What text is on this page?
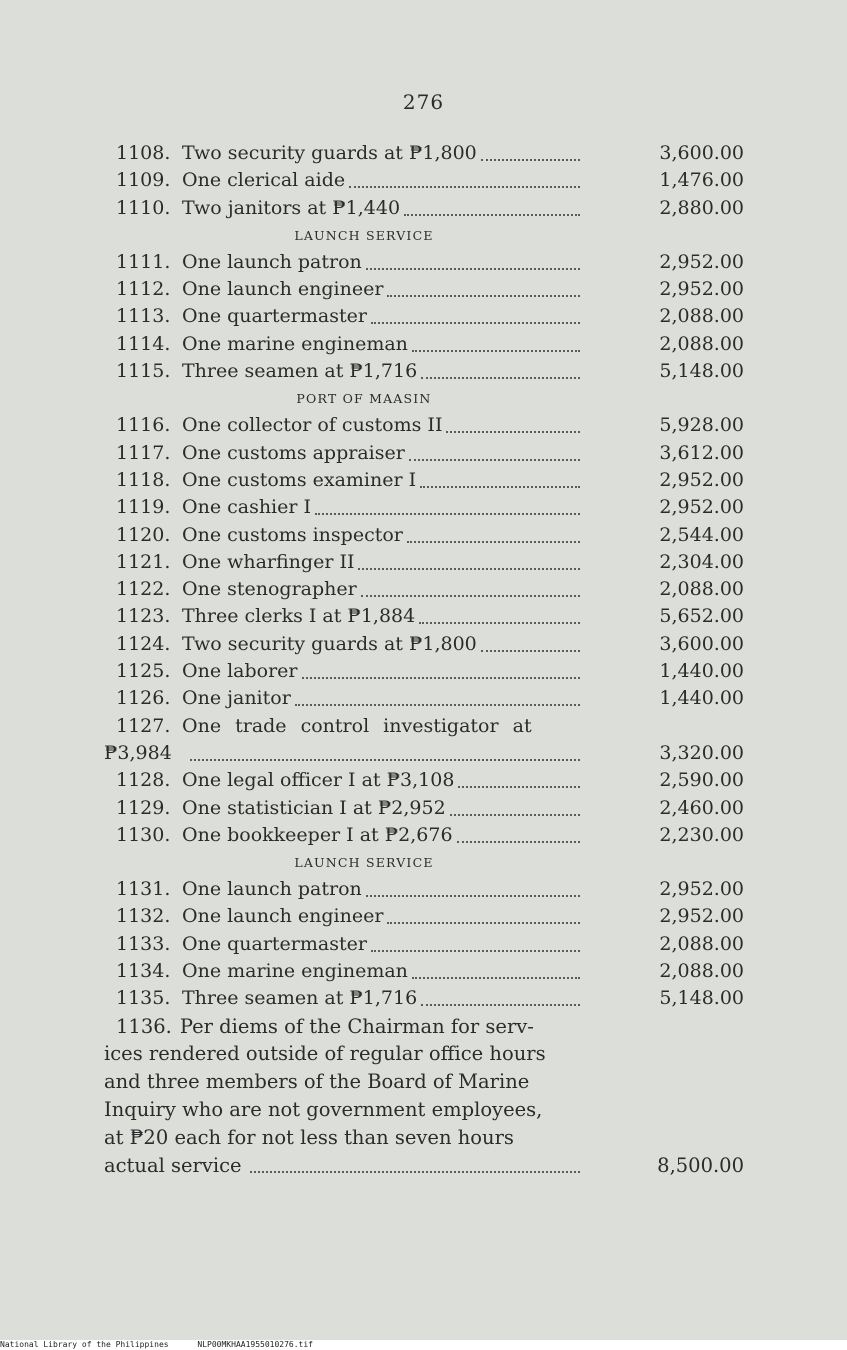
276
1108. Two security guards at ₱1,800	3,600.00
1109. One clerical aide	1,476.00
1110. Two janitors at ₱1,440	2,880.00
LAUNCH SERVICE
1111. One launch patron	2,952.00
1112. One launch engineer	2,952.00
1113. One quartermaster	2,088.00
1114. One marine engineman	2,088.00
1115. Three seamen at ₱1,716	5,148.00
PORT OF MAASIN
1116. One collector of customs II	5,928.00
1117. One customs appraiser	3,612.00
1118. One customs examiner I	2,952.00
1119. One cashier I	2,952.00
1120. One customs inspector	2,544.00
1121. One wharfinger II	2,304.00
1122. One stenographer	2,088.00
1123. Three clerks I at ₱1,884	5,652.00
1124. Two security guards at ₱1,800	3,600.00
1125. One laborer	1,440.00
1126. One janitor	1,440.00
1127. One trade control investigator at
₱3,984	3,320.00
1128. One legal officer I at ₱3,108	2,590.00
1129. One statistician I at ₱2,952	2,460.00
1130. One bookkeeper I at ₱2,676	2,230.00
LAUNCH SERVICE
1131. One launch patron	2,952.00
1132. One launch engineer	2,952.00
1133. One quartermaster	2,088.00
1134. One marine engineman	2,088.00
1135. Three seamen at ₱1,716	5,148.00
1136. Per diems of the Chairman for serv-
ices rendered outside of regular office hours
and three members of the Board of Marine
Inquiry who are not government employees,
at ₱20 each for not less than seven hours
actual service	8,500.00
National Library of the Philippines	NLP00MKHAA1955010276.tif
